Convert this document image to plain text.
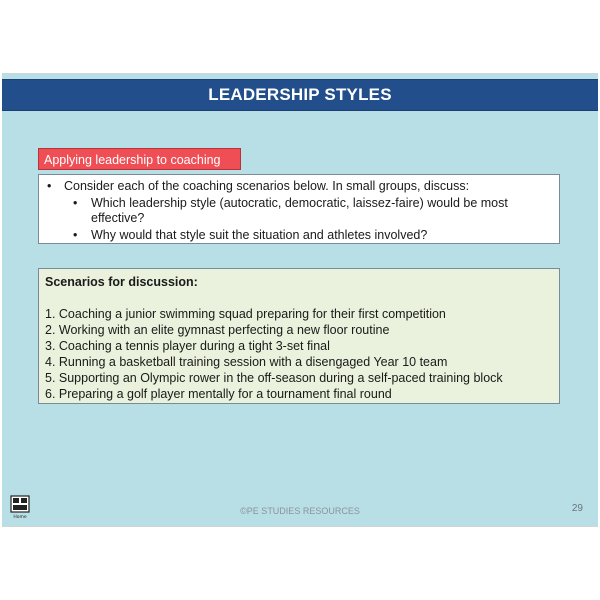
LEADERSHIP STYLES
Applying leadership to coaching
•	Consider each of the coaching scenarios below. In small groups, discuss:
•	Which leadership style (autocratic, democratic, laissez-faire) would be most effective?
•	Why would that style suit the situation and athletes involved?
Scenarios for discussion:
1. Coaching a junior swimming squad preparing for their first competition
2. Working with an elite gymnast perfecting a new floor routine
3. Coaching a tennis player during a tight 3-set final
4. Running a basketball training session with a disengaged Year 10 team
5. Supporting an Olympic rower in the off-season during a self-paced training block
6. Preparing a golf player mentally for a tournament final round
Home
©PE STUDIES RESOURCES	29
